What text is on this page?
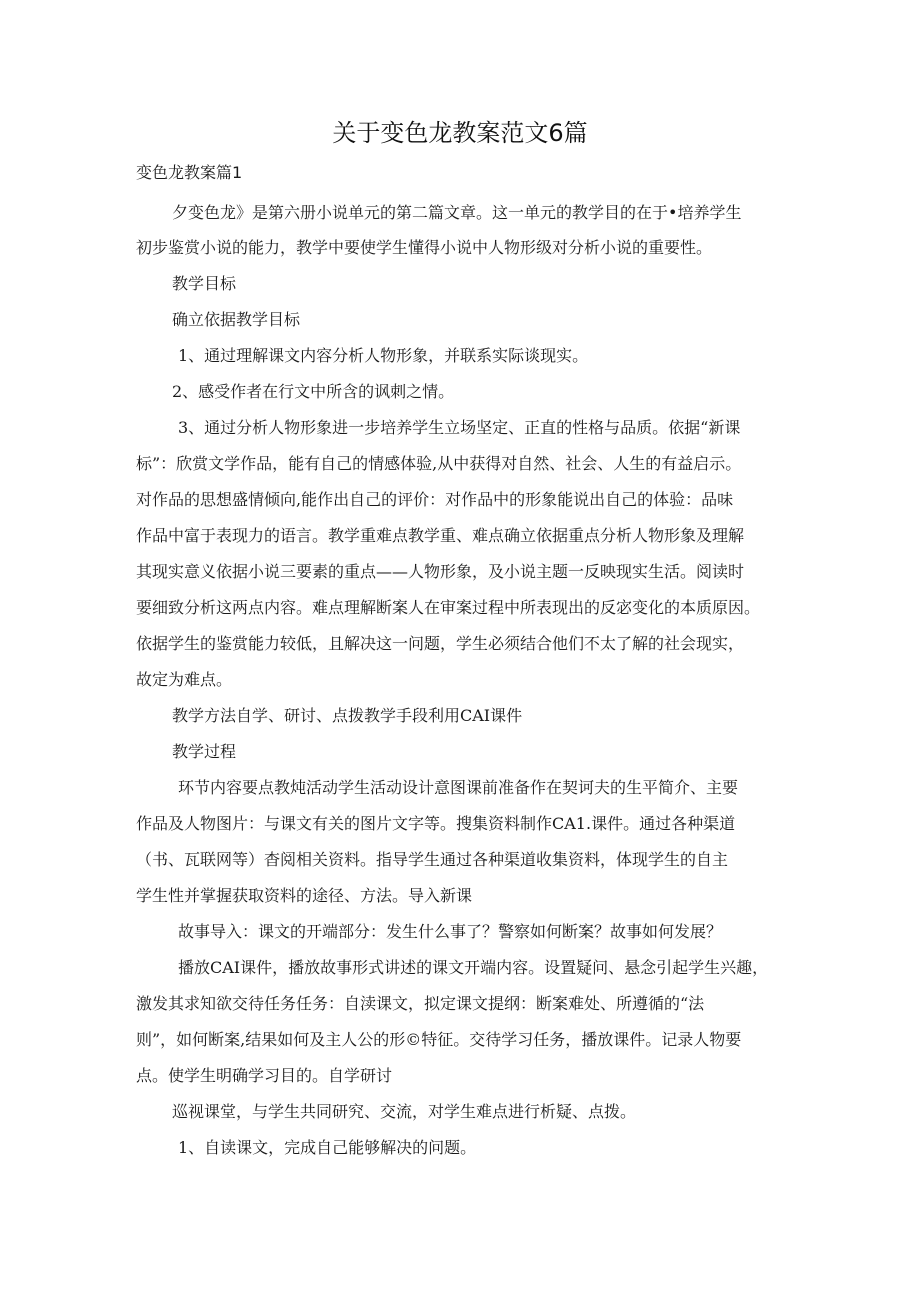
关于变色龙教案范文6篇
变色龙教案篇1
夕变色龙》是第六册小说单元的第二篇文章。这一单元的教学目的在于•培养学生
初步鉴赏小说的能力，教学中要使学生懂得小说中人物形级对分析小说的重要性。
教学目标
确立依据教学目标
1、通过理解课文内容分析人物形象，并联系实际谈现实。
2、感受作者在行文中所含的讽刺之情。
3、通过分析人物形象进一步培养学生立场坚定、正直的性格与品质。依据“新课
标”：欣赏文学作品，能有自己的情感体验,从中获得对自然、社会、人生的有益启示。
对作品的思想盛情倾向,能作出自己的评价：对作品中的形象能说出自己的体验：品味
作品中富于表现力的语言。教学重难点教学重、难点确立依据重点分析人物形象及理解
其现实意义依据小说三要素的重点——人物形象，及小说主题一反映现实生活。阅读时
要细致分析这两点内容。难点理解断案人在审案过程中所表现出的反宓变化的本质原因。
依据学生的鉴赏能力较低，且解决这一问题，学生必须结合他们不太了解的社会现实，
故定为难点。
教学方法自学、研讨、点拨教学手段利用CAI课件
教学过程
环节内容要点教炖活动学生活动设计意图课前准备作在契诃夫的生平简介、主要
作品及人物图片：与课文有关的图片文字等。搜集资料制作CA1.课件。通过各种渠道
（书、瓦联网等）杳阅相关资料。指导学生通过各种渠道收集资料，体现学生的自主
学生性并掌握获取资料的途径、方法。导入新课
故事导入：课文的开端部分：发生什么事了？警察如何断案？故事如何发展？
播放CAI课件，播放故事形式讲述的课文开端内容。设置疑问、悬念引起学生兴趣，
激发其求知欲交待任务任务：自渎课文，拟定课文提纲：断案难处、所遵循的“法
则”，如何断案,结果如何及主人公的形©特征。交待学习任务，播放课件。记录人物要
点。使学生明确学习目的。自学研讨
巡视课堂，与学生共同研究、交流，对学生难点进行析疑、点拨。
1、自读课文，完成自己能够解决的问题。
